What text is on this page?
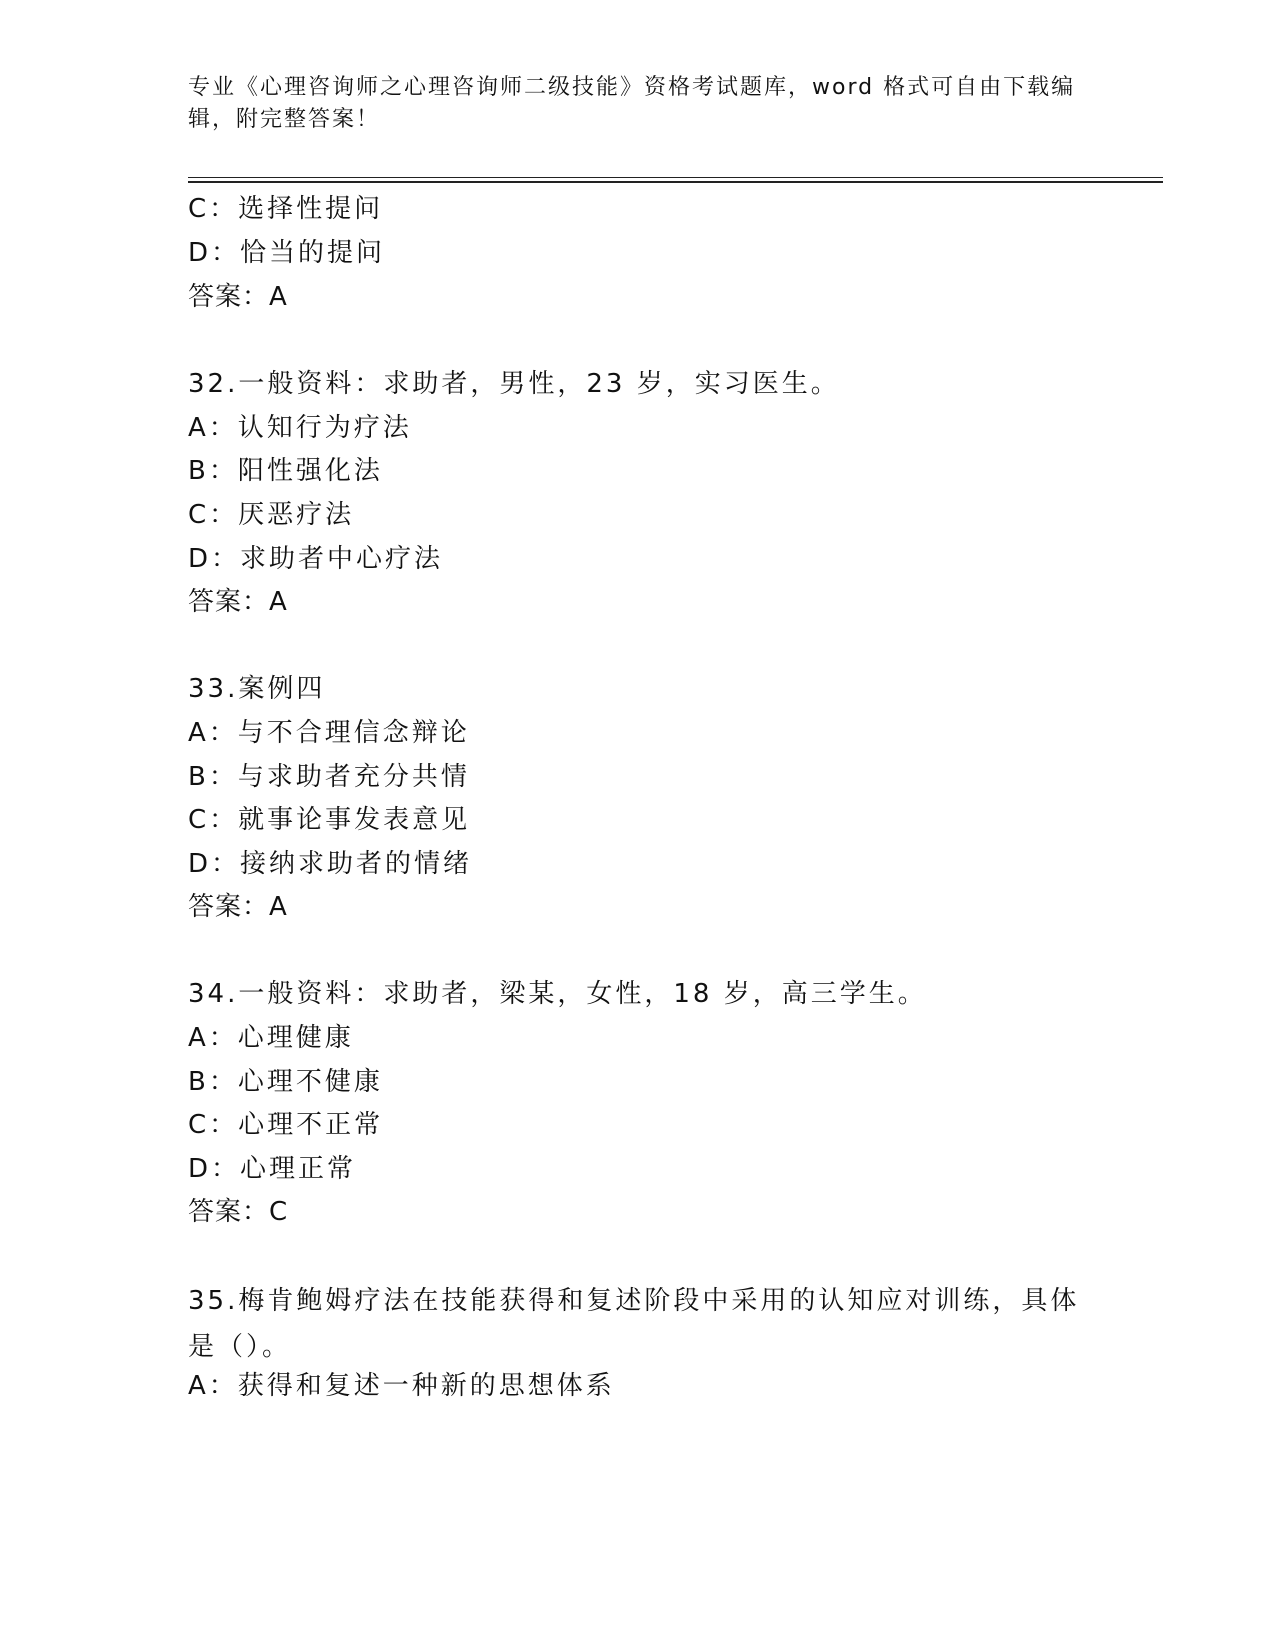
专业《心理咨询师之心理咨询师二级技能》资格考试题库，word 格式可自由下载编辑，附完整答案！
C：选择性提问
D：恰当的提问
答案：A
32.一般资料：求助者，男性，23 岁，实习医生。
A：认知行为疗法
B：阳性强化法
C：厌恶疗法
D：求助者中心疗法
答案：A
33.案例四
A：与不合理信念辩论
B：与求助者充分共情
C：就事论事发表意见
D：接纳求助者的情绪
答案：A
34.一般资料：求助者，梁某，女性，18 岁，高三学生。
A：心理健康
B：心理不健康
C：心理不正常
D：心理正常
答案：C
35.梅肯鲍姆疗法在技能获得和复述阶段中采用的认知应对训练，具体是（）。
A：获得和复述一种新的思想体系
